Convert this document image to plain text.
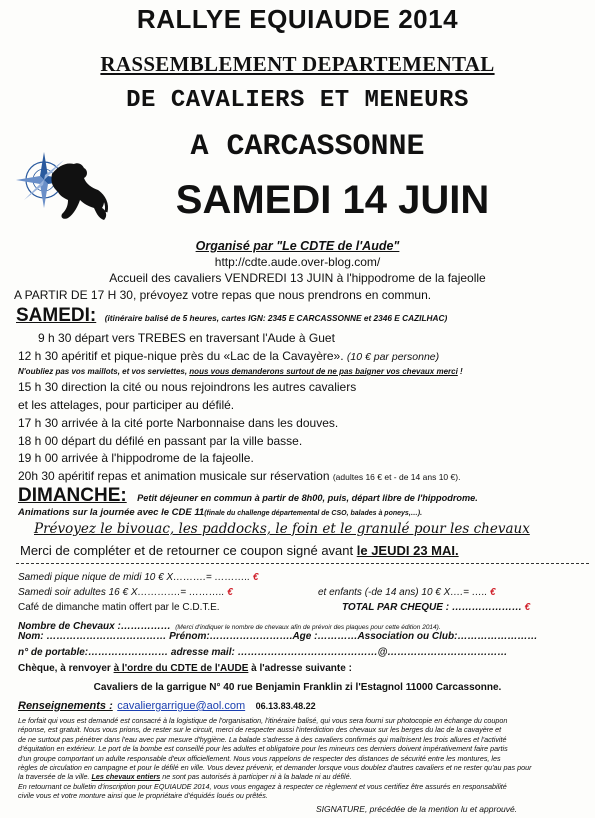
RALLYE EQUIAUDE 2014
RASSEMBLEMENT DEPARTEMENTAL
DE CAVALIERS ET MENEURS
A CARCASSONNE
SAMEDI 14 JUIN
Organisé par "Le CDTE de l'Aude"
http://cdte.aude.over-blog.com/
Accueil des cavaliers VENDREDI 13 JUIN à l'hippodrome de la fajeolle
A PARTIR DE 17 H 30, prévoyez votre repas que nous prendrons en commun.
SAMEDI: (itinéraire balisé de 5 heures, cartes IGN: 2345 E CARCASSONNE et 2346 E CAZILHAC)
9 h 30 départ vers TREBES en traversant l'Aude à Guet
12 h 30 apéritif et pique-nique près du «Lac de la Cavayère». (10 € par personne)
N'oubliez pas vos maillots, et vos serviettes, nous vous demanderons surtout de ne pas baigner vos chevaux merci !
15 h 30 direction la cité ou nous rejoindrons les autres cavaliers
et les attelages, pour participer au défilé.
17 h 30 arrivée à la cité porte Narbonnaise dans les douves.
18 h 00 départ du défilé en passant par la ville basse.
19 h 00 arrivée à l'hippodrome de la fajeolle.
20h 30 apéritif repas et animation musicale sur réservation (adultes 16 € et - de 14 ans 10 €).
DIMANCHE: Petit déjeuner en commun à partir de 8h00, puis, départ libre de l'hippodrome.
Animations sur la journée avec le CDE 11(finale du challenge départemental de CSO, balades à poneys,…).
Prévoyez le bivouac, les paddocks, le foin et le granulé pour les chevaux
Merci de compléter et de retourner ce coupon signé avant le JEUDI 23 MAI.
Samedi pique nique de midi 10 € X……….= ……….. €
Samedi soir adultes 16 € X………….= ……….. €	et enfants (-de 14 ans) 10 € X….= ….. €
Café de dimanche matin offert par le C.D.T.E.	TOTAL PAR CHEQUE : ………………… €
Nombre de Chevaux :…………… (Merci d'indiquer le nombre de chevaux afin de prévoir des plaques pour cette édition 2014).
Nom: ……………………………… Prénom:…………………….Age :…………Association ou Club:……………………
n° de portable:…………………… adresse mail: ……………………………………@………………………………
Chèque, à renvoyer à l'ordre du CDTE de l'AUDE à l'adresse suivante :
Cavaliers de la garrigue N° 40 rue Benjamin Franklin zi l'Estagnol 11000 Carcassonne.
Renseignements : cavaliergarrigue@aol.com 06.13.83.48.22
Le forfait qui vous est demandé est consacré à la logistique de l'organisation, l'itinéraire balisé, qui vous sera fourni sur photocopie en échange du coupon
réponse, est gratuit. Nous vous prions, de rester sur le circuit, merci de respecter aussi l'interdiction des chevaux sur les berges du lac de la cavayère et
de ne surtout pas pénétrer dans l'eau avec par mesure d'hygiène. La balade s'adresse à des cavaliers confirmés qui maîtrisent les trois allures et l'activité
d'équitation en extérieur. Le port de la bombe est conseillé pour les adultes et obligatoire pour les mineurs ces derniers doivent impérativement faire partis
d'un groupe comportant un adulte responsable d'eux officiellement. Nous vous rappelons de respecter des distances de sécurité entre les montures, les
règles de circulation en campagne et pour le défilé en ville. Vous devez prévenir, et demander lorsque vous doublez d'autres cavaliers et ne rester qu'au pas pour
la traversée de la ville. Les chevaux entiers ne sont pas autorisés à participer ni à la balade ni au défilé.
En retournant ce bulletin d'inscription pour EQUIAUDE 2014, vous vous engagez à respecter ce règlement et vous certifiez être assurés en responsabilité
civile vous et votre monture ainsi que le propriétaire d'équidés loués ou prêtés.
SIGNATURE, précédée de la mention lu et approuvé.
